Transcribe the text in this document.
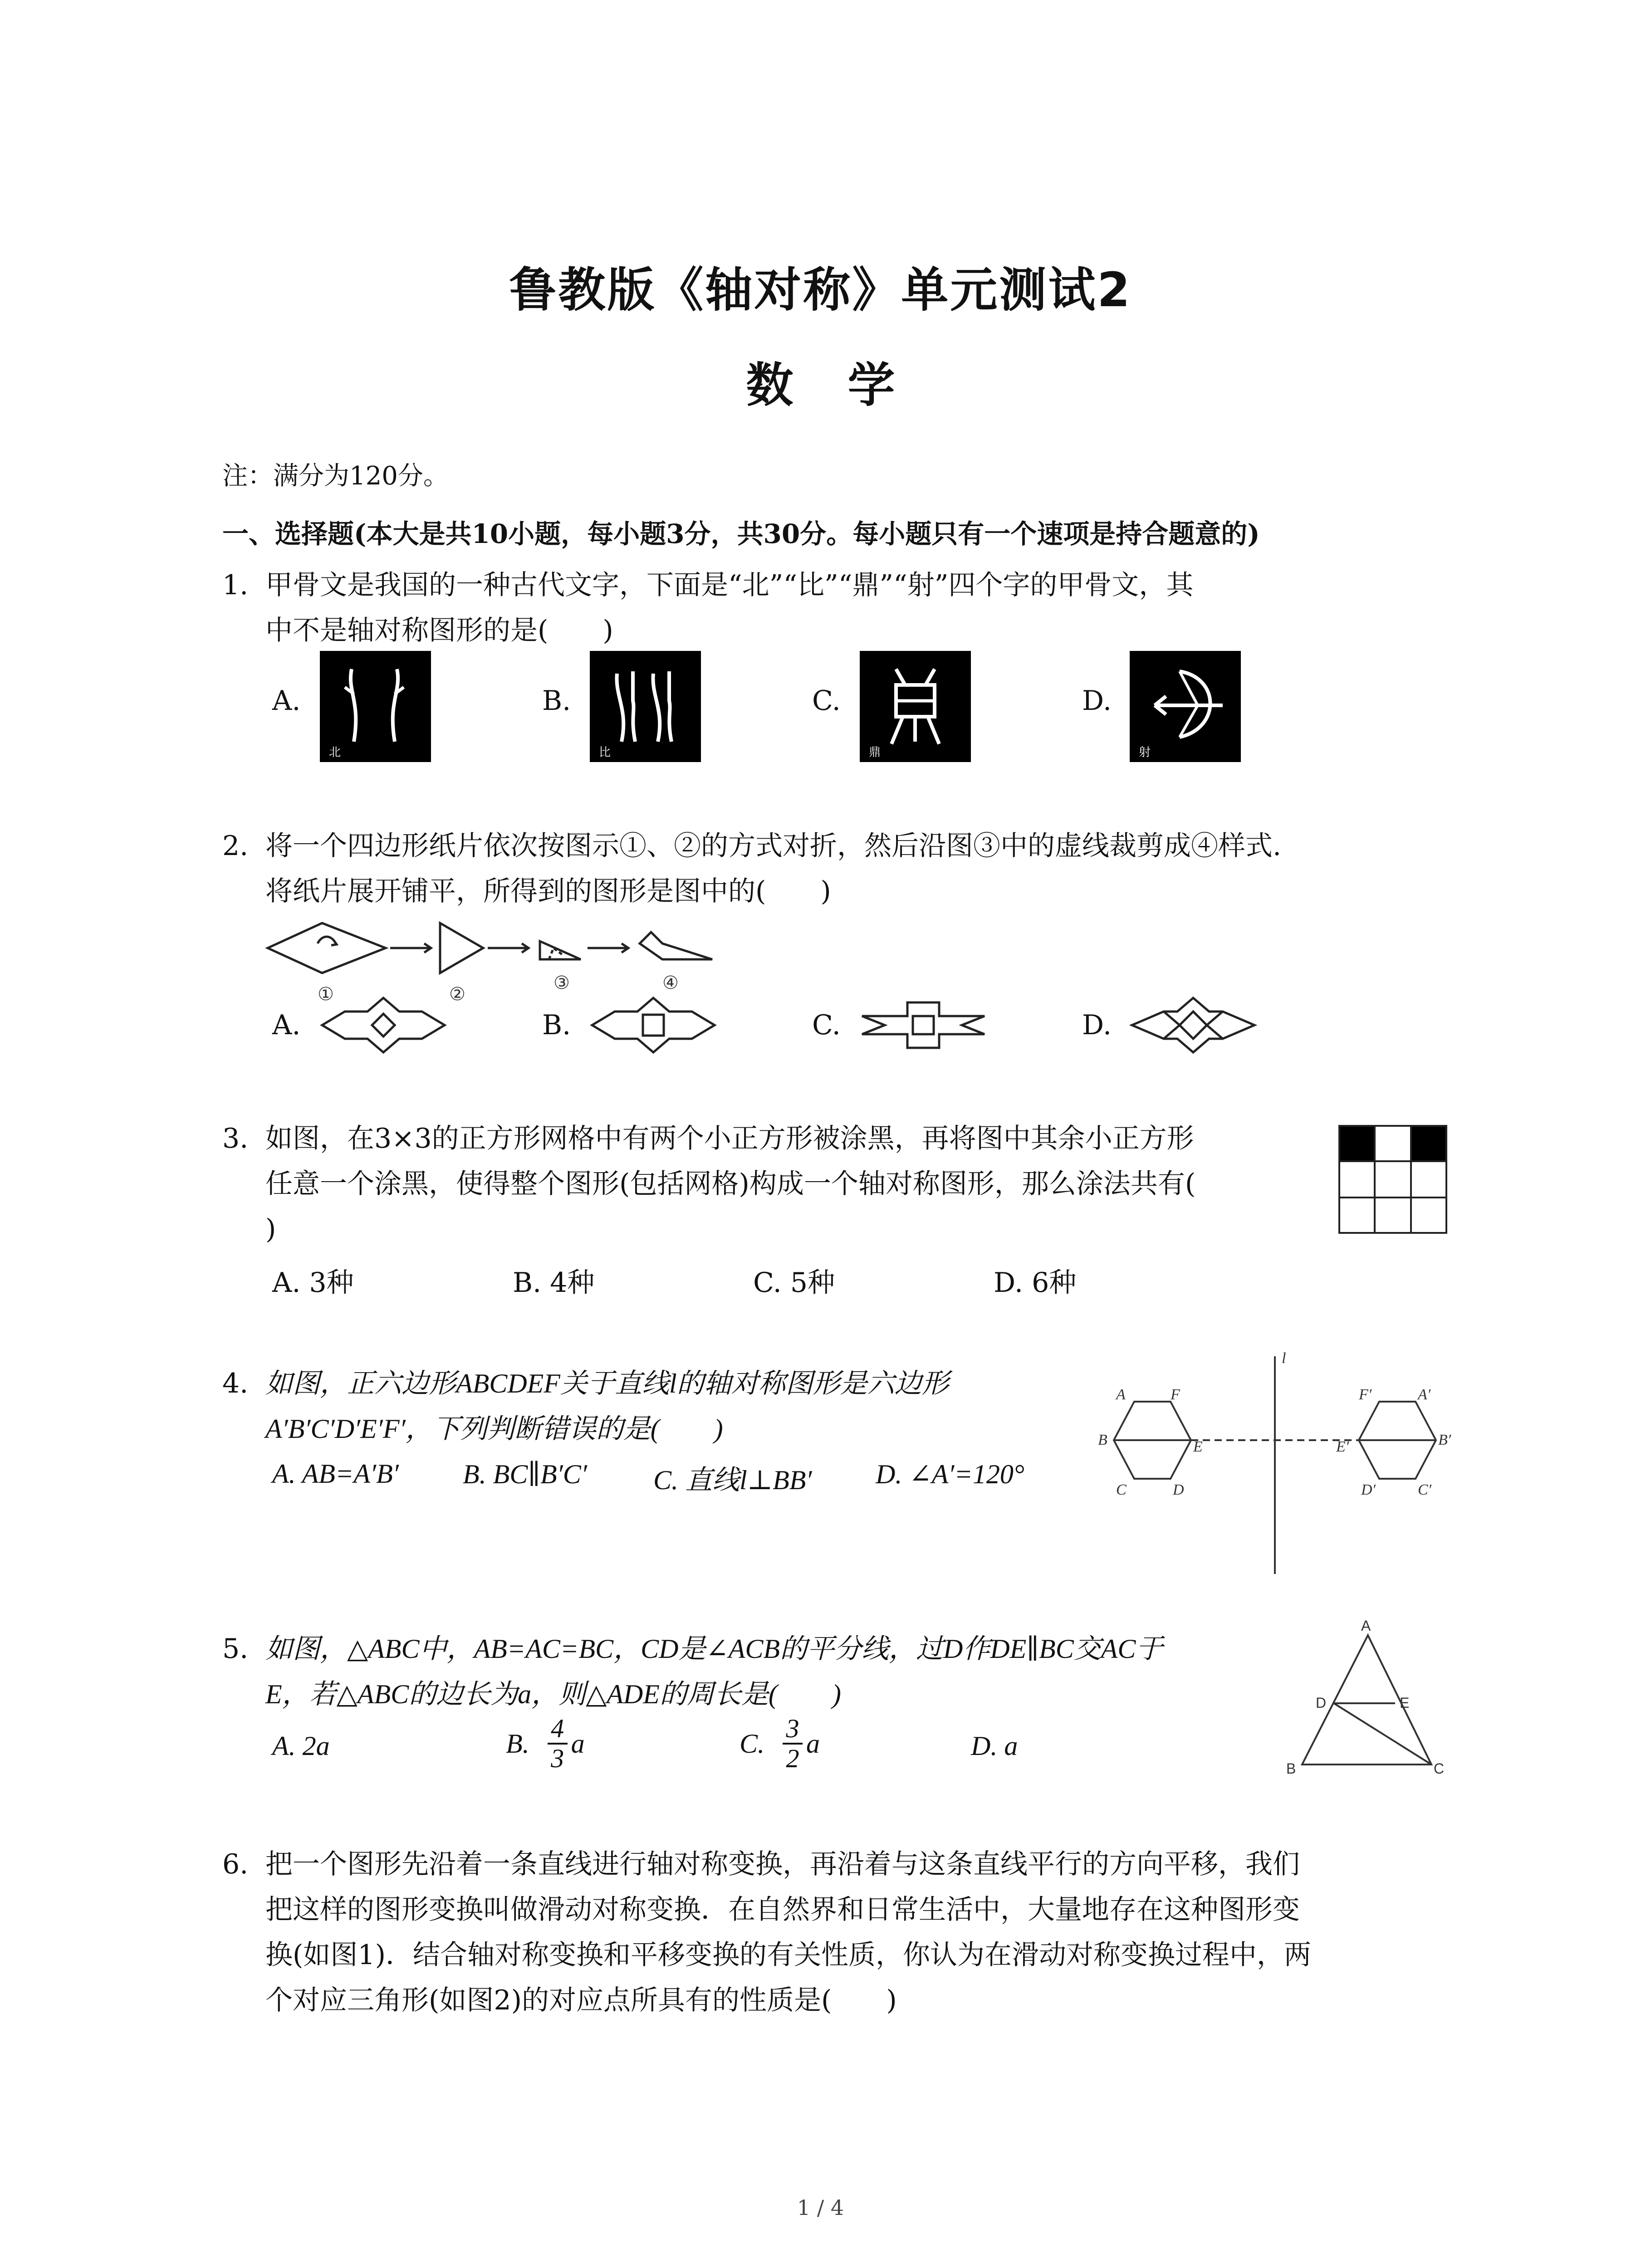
鲁教版《轴对称》单元测试2
数学
注：满分为120分。
一、选择题(本大是共10小题，每小题3分，共30分。每小题只有一个速项是持合题意的)
1. 甲骨文是我国的一种古代文字，下面是“北”“比”“鼎”“射”四个字的甲骨文，其
中不是轴对称图形的是(　　)
A.
北
B.
比
C.
鼎
D.
射
2. 将一个四边形纸片依次按图示①、②的方式对折，然后沿图③中的虚线裁剪成④样式.
将纸片展开铺平，所得到的图形是图中的(　　)
①	②
③	④
A.	B.	C.	D.
3. 如图，在3×3的正方形网格中有两个小正方形被涂黑，再将图中其余小正方形
任意一个涂黑，使得整个图形(包括网格)构成一个轴对称图形，那么涂法共有(
)
A. 3种	B. 4种	C. 5种	D. 6种
4. 如图，正六边形ABCDEF关于直线l的轴对称图形是六边形
A′B′C′D′E′F′，下列判断错误的是(　　)
A. AB=A′B′ B. BC∥B′C′ C. 直线l⊥BB′ D. ∠A′=120°
l
A	F
B	E
C	D
F′	A′
E′	B′
D′	C′
5. 如图，△ABC中，AB=AC=BC，CD是∠ACB的平分线，过D作DE∥BC交AC于
E，若△ABC的边长为a，则△ADE的周长是(　　)
A. 2a	B. $\frac{4}{3}$ a	C. $\frac{3}{2}$ a	D. a
A
D	E
B	C
6. 把一个图形先沿着一条直线进行轴对称变换，再沿着与这条直线平行的方向平移，我们
把这样的图形变换叫做滑动对称变换．在自然界和日常生活中，大量地存在这种图形变
换(如图1)．结合轴对称变换和平移变换的有关性质，你认为在滑动对称变换过程中，两
个对应三角形(如图2)的对应点所具有的性质是(　　)
1 / 4
